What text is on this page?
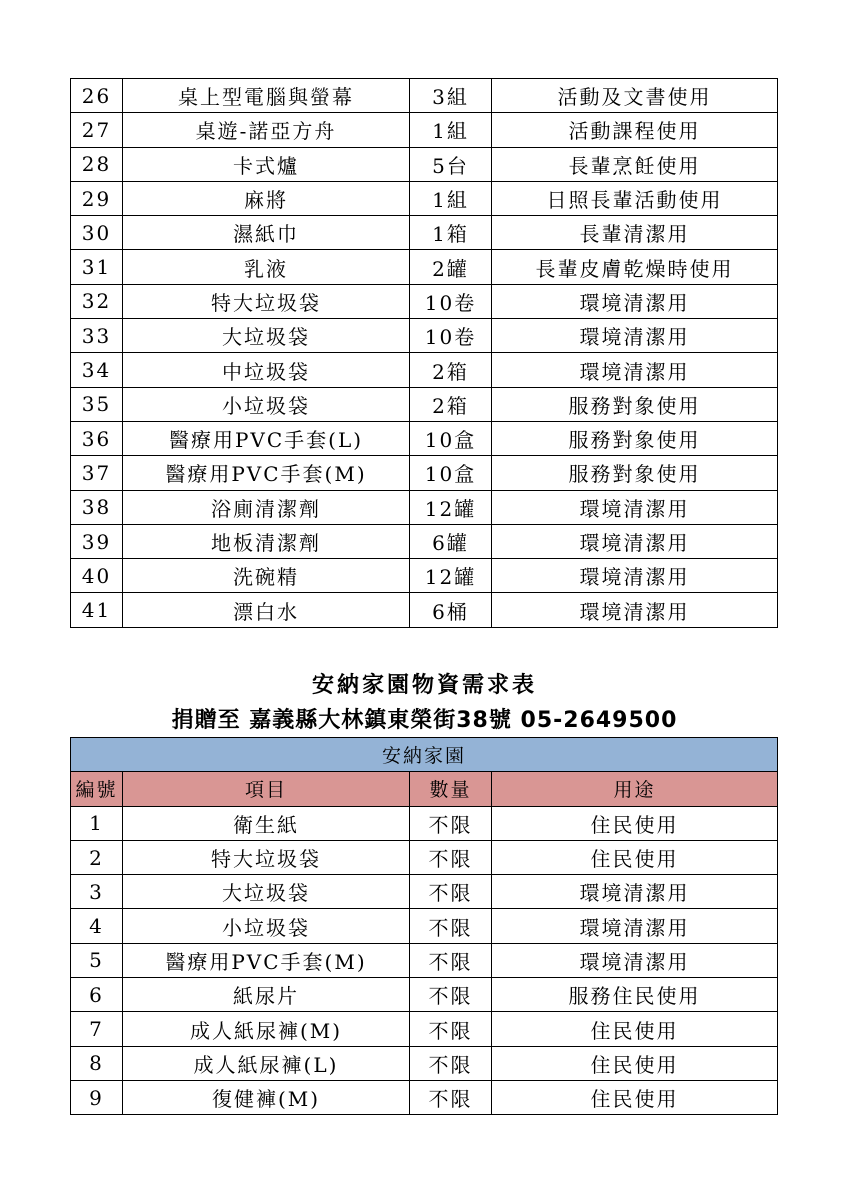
26	桌上型電腦與螢幕	3組	活動及文書使用
27	桌遊-諾亞方舟	1組	活動課程使用
28	卡式爐	5台	長輩烹飪使用
29	麻將	1組	日照長輩活動使用
30	濕紙巾	1箱	長輩清潔用
31	乳液	2罐	長輩皮膚乾燥時使用
32	特大垃圾袋	10卷	環境清潔用
33	大垃圾袋	10卷	環境清潔用
34	中垃圾袋	2箱	環境清潔用
35	小垃圾袋	2箱	服務對象使用
36	醫療用PVC手套(L)	10盒	服務對象使用
37	醫療用PVC手套(M)	10盒	服務對象使用
38	浴廁清潔劑	12罐	環境清潔用
39	地板清潔劑	6罐	環境清潔用
40	洗碗精	12罐	環境清潔用
41	漂白水	6桶	環境清潔用
安納家園物資需求表
捐贈至 嘉義縣大林鎮東榮街38號 05-2649500
安納家園			
編號	項目	數量	用途
1	衛生紙	不限	住民使用
2	特大垃圾袋	不限	住民使用
3	大垃圾袋	不限	環境清潔用
4	小垃圾袋	不限	環境清潔用
5	醫療用PVC手套(M)	不限	環境清潔用
6	紙尿片	不限	服務住民使用
7	成人紙尿褲(M)	不限	住民使用
8	成人紙尿褲(L)	不限	住民使用
9	復健褲(M)	不限	住民使用
